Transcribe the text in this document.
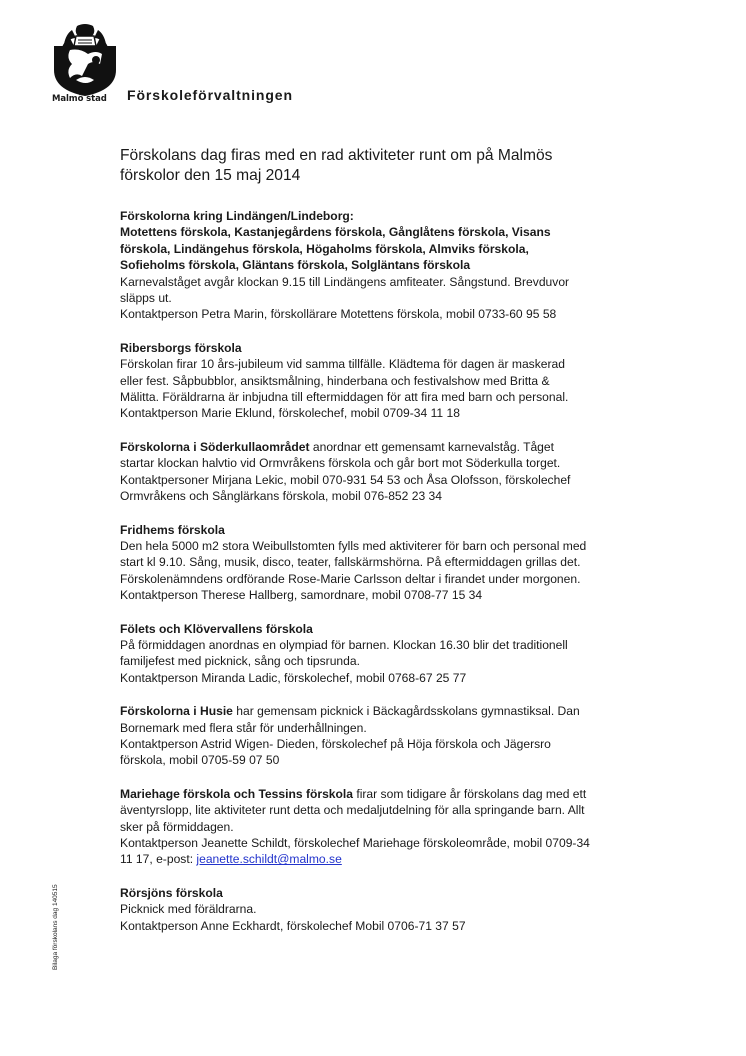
Malmö stad Förskoleförvaltningen
Bilaga förskolans dag 140515
Förskolans dag firas med en rad aktiviteter runt om på Malmös förskolor den 15 maj 2014

Förskolorna kring Lindängen/Lindeborg:

Motettens förskola, Kastanjegårdens förskola, Gånglåtens förskola, Visans förskola, Lindängehus förskola, Högaholms förskola, Almviks förskola, Sofieholms förskola, Gläntans förskola, Solgläntans förskola

Karnevalståget avgår klockan 9.15 till Lindängens amfiteater. Sångstund. Brevduvor släpps ut.

Kontaktperson Petra Marin, förskollärare Motettens förskola, mobil 0733-60 95 58

Ribersborgs förskola

Förskolan firar 10 års-jubileum vid samma tillfälle. Klädtema för dagen är maskerad eller fest. Såpbubblor, ansiktsmålning, hinderbana och festivalshow med Britta & Mälitta. Föräldrarna är inbjudna till eftermiddagen för att fira med barn och personal.

Kontaktperson Marie Eklund, förskolechef, mobil 0709-34 11 18

Förskolorna i Söderkullaområdet anordnar ett gemensamt karnevalståg. Tåget startar klockan halvtio vid Ormvråkens förskola och går bort mot Söderkulla torget.

Kontaktpersoner Mirjana Lekic, mobil 070-931 54 53 och Åsa Olofsson, förskolechef Ormvråkens och Sånglärkans förskola, mobil 076-852 23 34

Fridhems förskola

Den hela 5000 m2 stora Weibullstomten fylls med aktiviterer för barn och personal med start kl 9.10. Sång, musik, disco, teater, fallskärmshörna. På eftermiddagen grillas det. Förskolenämndens ordförande Rose-Marie Carlsson deltar i firandet under morgonen.

Kontaktperson Therese Hallberg, samordnare, mobil 0708-77 15 34

Fölets och Klövervallens förskola

På förmiddagen anordnas en olympiad för barnen. Klockan 16.30 blir det traditionell familjefest med picknick, sång och tipsrunda.

Kontaktperson Miranda Ladic, förskolechef, mobil 0768-67 25 77

Förskolorna i Husie har gemensam picknick i Bäckagårdsskolans gymnastiksal. Dan Bornemark med flera står för underhållningen.

Kontaktperson Astrid Wigen- Dieden, förskolechef på Höja förskola och Jägersro förskola, mobil 0705-59 07 50

Mariehage förskola och Tessins förskola firar som tidigare år förskolans dag med ett äventyrslopp, lite aktiviteter runt detta och medaljutdelning för alla springande barn. Allt sker på förmiddagen.

Kontaktperson Jeanette Schildt, förskolechef Mariehage förskoleområde, mobil 0709-34 11 17, e-post: jeanette.schildt@malmo.se

Rörsjöns förskola

Picknick med föräldrarna.

Kontaktperson Anne Eckhardt, förskolechef Mobil 0706-71 37 57
